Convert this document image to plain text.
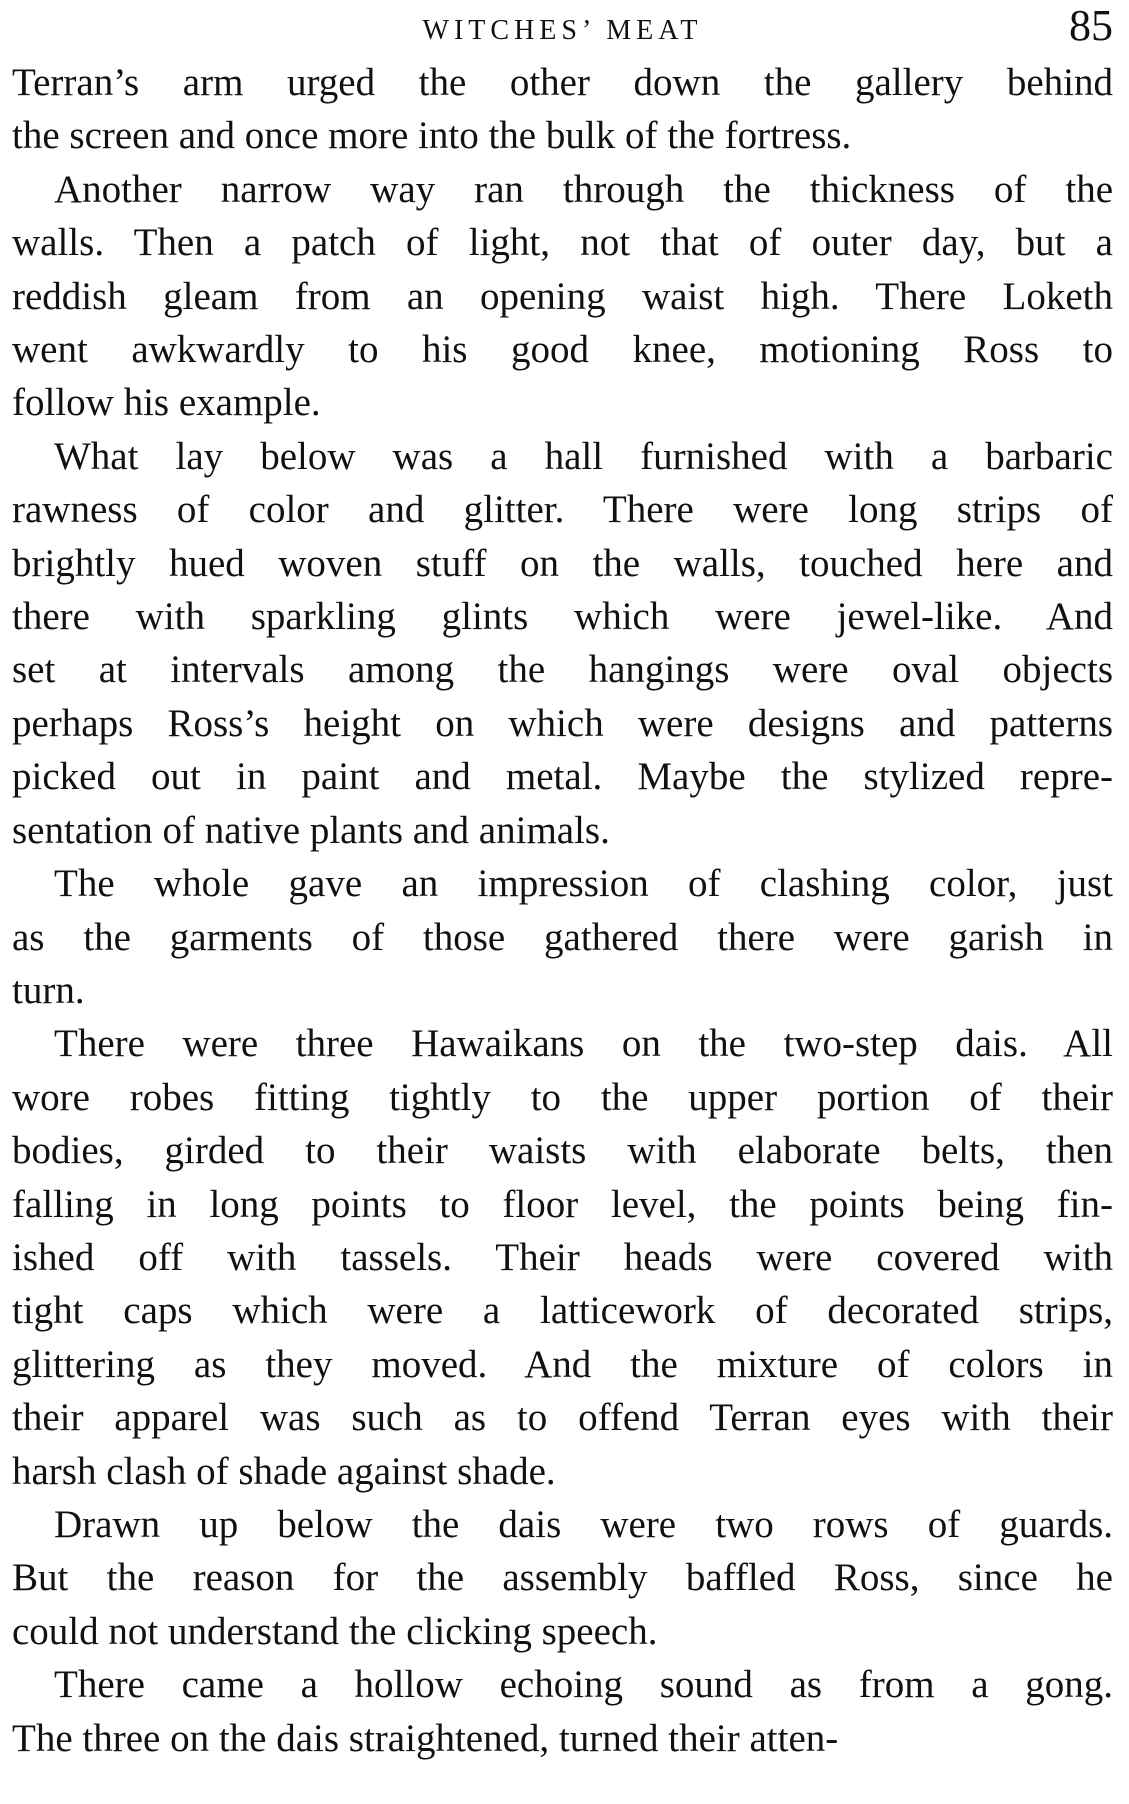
WITCHES’ MEAT	85
Terran’s arm urged the other down the gallery behind
the screen and once more into the bulk of the fortress.
Another narrow way ran through the thickness of the
walls. Then a patch of light, not that of outer day, but a
reddish gleam from an opening waist high. There Loketh
went awkwardly to his good knee, motioning Ross to
follow his example.
What lay below was a hall furnished with a barbaric
rawness of color and glitter. There were long strips of
brightly hued woven stuff on the walls, touched here and
there with sparkling glints which were jewel-like. And
set at intervals among the hangings were oval objects
perhaps Ross’s height on which were designs and patterns
picked out in paint and metal. Maybe the stylized repre-
sentation of native plants and animals.
The whole gave an impression of clashing color, just
as the garments of those gathered there were garish in
turn.
There were three Hawaikans on the two-step dais. All
wore robes fitting tightly to the upper portion of their
bodies, girded to their waists with elaborate belts, then
falling in long points to floor level, the points being fin-
ished off with tassels. Their heads were covered with
tight caps which were a latticework of decorated strips,
glittering as they moved. And the mixture of colors in
their apparel was such as to offend Terran eyes with their
harsh clash of shade against shade.
Drawn up below the dais were two rows of guards.
But the reason for the assembly baffled Ross, since he
could not understand the clicking speech.
There came a hollow echoing sound as from a gong.
The three on the dais straightened, turned their atten-
